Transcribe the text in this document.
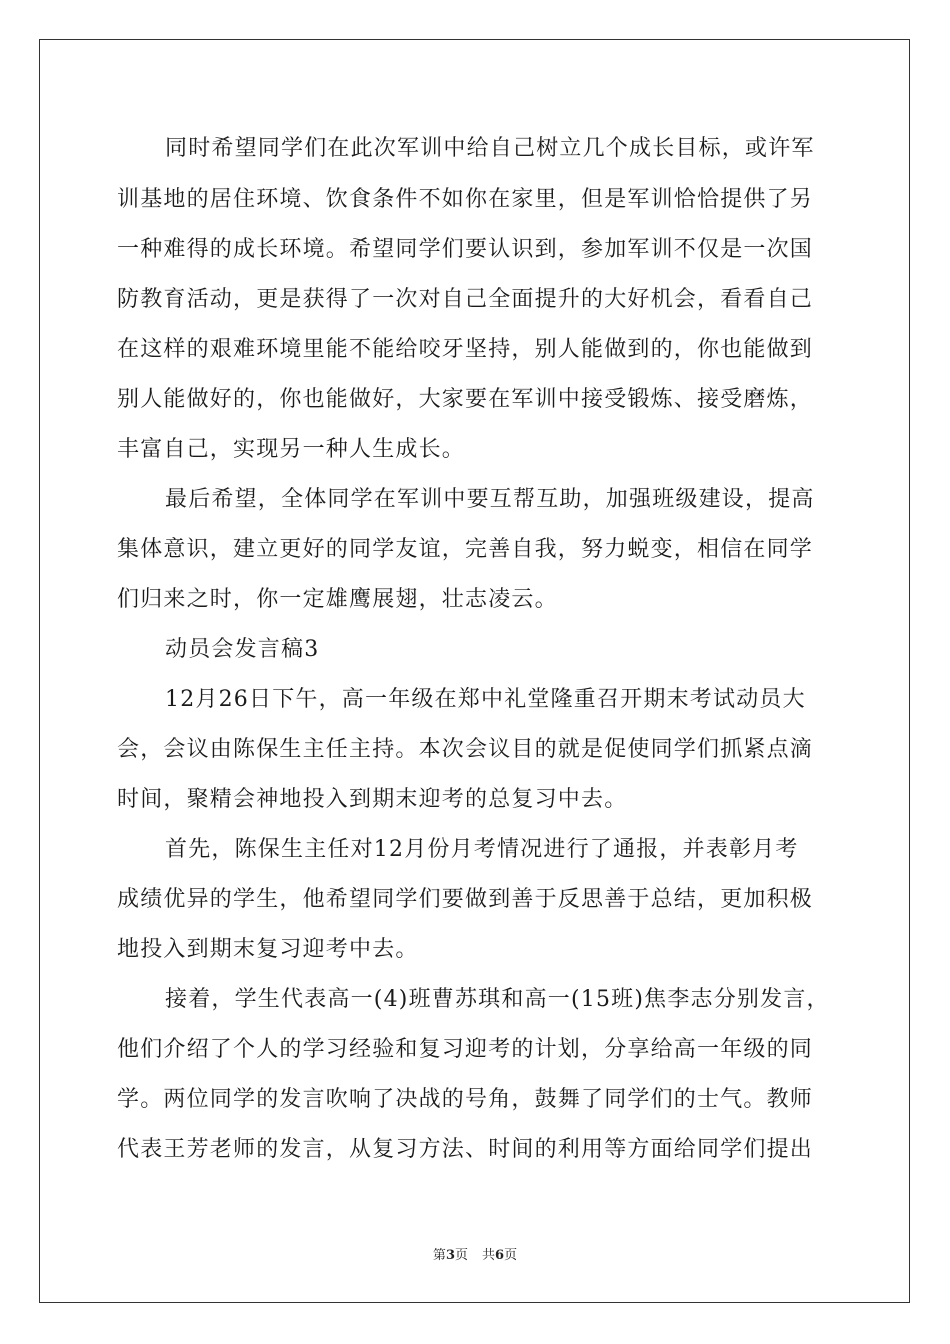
同时希望同学们在此次军训中给自己树立几个成长目标，或许军
训基地的居住环境、饮食条件不如你在家里，但是军训恰恰提供了另
一种难得的成长环境。希望同学们要认识到，参加军训不仅是一次国
防教育活动，更是获得了一次对自己全面提升的大好机会，看看自己
在这样的艰难环境里能不能给咬牙坚持，别人能做到的，你也能做到
别人能做好的，你也能做好，大家要在军训中接受锻炼、接受磨炼，
丰富自己，实现另一种人生成长。
最后希望，全体同学在军训中要互帮互助，加强班级建设，提高
集体意识，建立更好的同学友谊，完善自我，努力蜕变，相信在同学
们归来之时，你一定雄鹰展翅，壮志凌云。
动员会发言稿3
12月26日下午，高一年级在郑中礼堂隆重召开期末考试动员大
会，会议由陈保生主任主持。本次会议目的就是促使同学们抓紧点滴
时间，聚精会神地投入到期末迎考的总复习中去。
首先，陈保生主任对12月份月考情况进行了通报，并表彰月考
成绩优异的学生，他希望同学们要做到善于反思善于总结，更加积极
地投入到期末复习迎考中去。
接着，学生代表高一(4)班曹苏琪和高一(15班)焦李志分别发言，
他们介绍了个人的学习经验和复习迎考的计划，分享给高一年级的同
学。两位同学的发言吹响了决战的号角，鼓舞了同学们的士气。教师
代表王芳老师的发言，从复习方法、时间的利用等方面给同学们提出
第3页 共6页
